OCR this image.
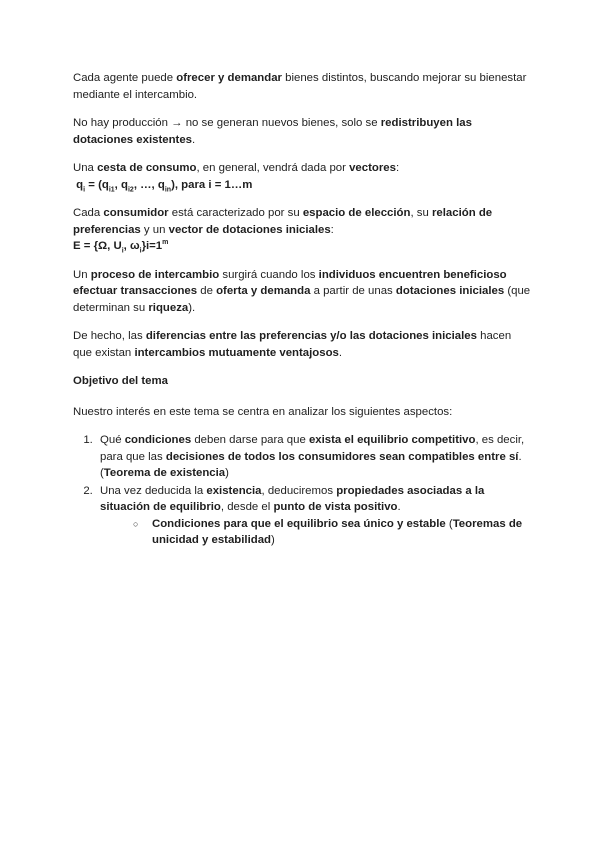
Cada agente puede ofrecer y demandar bienes distintos, buscando mejorar su bienestar mediante el intercambio.

No hay producción → no se generan nuevos bienes, solo se redistribuyen las dotaciones existentes.

Una cesta de consumo, en general, vendrá dada por vectores:
$q_i = (q_{i1}$, $q_{i2}$, …, $q_{in}$), para i = 1…m

Cada consumidor está caracterizado por su espacio de elección, su relación de preferencias y un vector de dotaciones iniciales:
E = {Ω, $U_i$, $\omega_i\}i=1^m$

Un proceso de intercambio surgirá cuando los individuos encuentren beneficioso efectuar transacciones de oferta y demanda a partir de unas dotaciones iniciales (que determinan su riqueza).

De hecho, las diferencias entre las preferencias y/o las dotaciones iniciales hacen que existan intercambios mutuamente ventajosos.

Objetivo del tema

Nuestro interés en este tema se centra en analizar los siguientes aspectos:

1. Qué condiciones deben darse para que exista el equilibrio competitivo, es decir, para que las decisiones de todos los consumidores sean compatibles entre sí. (Teorema de existencia)
2. Una vez deducida la existencia, deduciremos propiedades asociadas a la situación de equilibrio, desde el punto de vista positivo.
○ Condiciones para que el equilibrio sea único y estable (Teoremas de unicidad y estabilidad)
